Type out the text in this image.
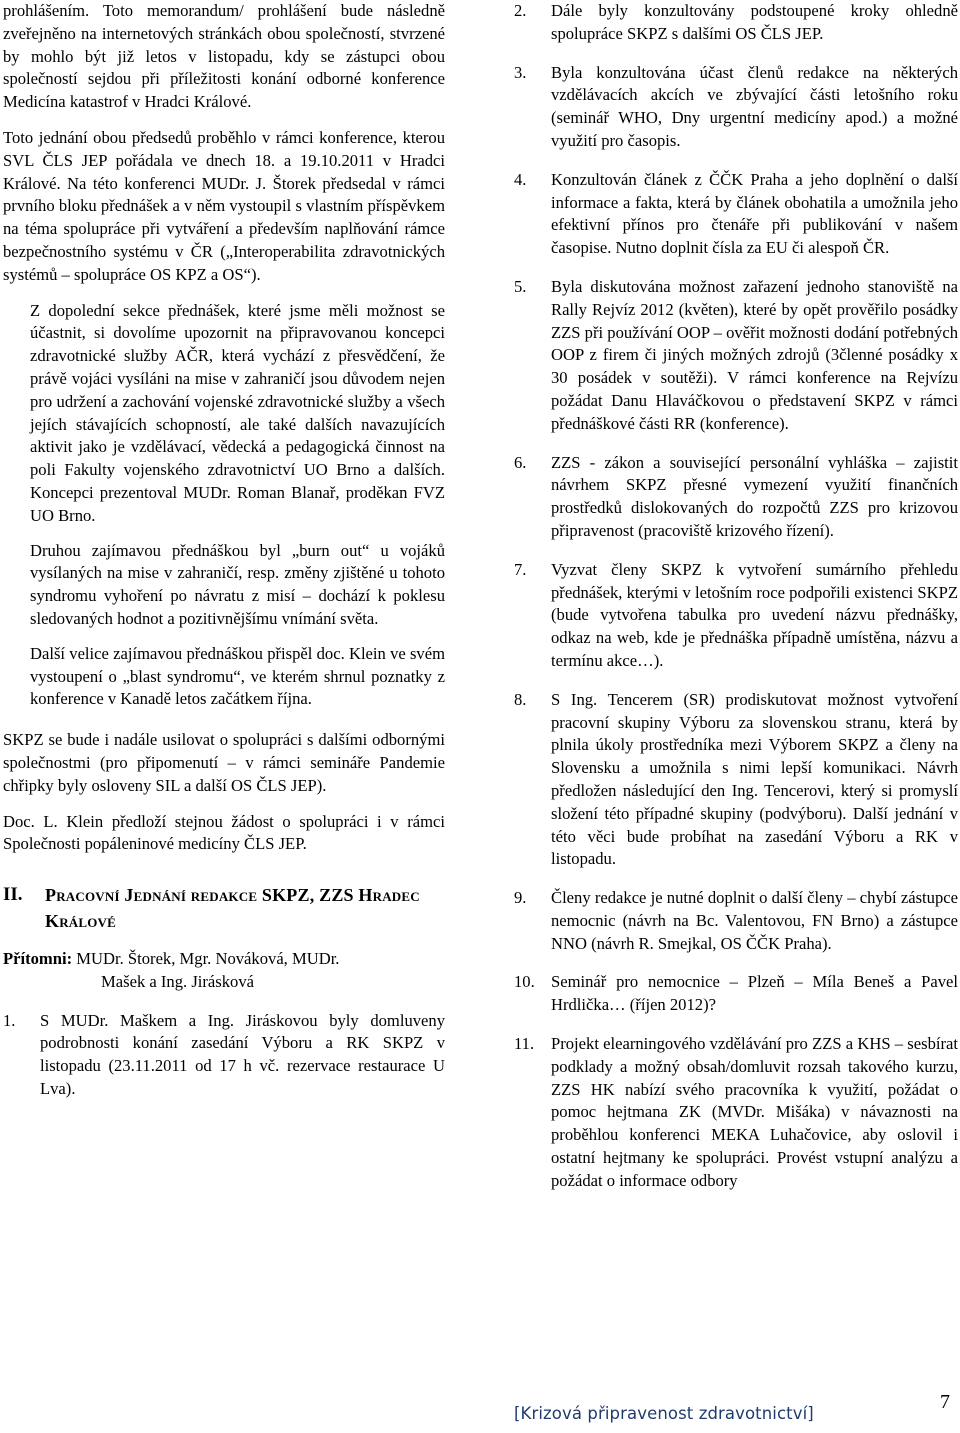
prohlášením. Toto memorandum/ prohlášení bude následně zveřejněno na internetových stránkách obou společností, stvrzené by mohlo být již letos v listopadu, kdy se zástupci obou společností sejdou při příležitosti konání odborné konference Medicína katastrof v Hradci Králové.

Toto jednání obou předsedů proběhlo v rámci konference, kterou SVL ČLS JEP pořádala ve dnech 18. a 19.10.2011 v Hradci Králové. Na této konferenci MUDr. J. Štorek předsedal v rámci prvního bloku přednášek a v něm vystoupil s vlastním příspěvkem na téma spolupráce při vytváření a především naplňování rámce bezpečnostního systému v ČR („Interoperabilita zdravotnických systémů – spolupráce OS KPZ a OS“).

Z dopolední sekce přednášek, které jsme měli možnost se účastnit, si dovolíme upozornit na připravovanou koncepci zdravotnické služby AČR, která vychází z přesvědčení, že právě vojáci vysíláni na mise v zahraničí jsou důvodem nejen pro udržení a zachování vojenské zdravotnické služby a všech jejích stávajících schopností, ale také dalších navazujících aktivit jako je vzdělávací, vědecká a pedagogická činnost na poli Fakulty vojenského zdravotnictví UO Brno a dalších. Koncepci prezentoval MUDr. Roman Blanař, proděkan FVZ UO Brno.

Druhou zajímavou přednáškou byl „burn out“ u vojáků vysílaných na mise v zahraničí, resp. změny zjištěné u tohoto syndromu vyhoření po návratu z misí – dochází k poklesu sledovaných hodnot a pozitivnějšímu vnímání světa.

Další velice zajímavou přednáškou přispěl doc. Klein ve svém vystoupení o „blast syndromu“, ve kterém shrnul poznatky z konference v Kanadě letos začátkem října.

SKPZ se bude i nadále usilovat o spolupráci s dalšími odbornými společnostmi (pro připomenutí – v rámci semináře Pandemie chřipky byly osloveny SIL a další OS ČLS JEP).

Doc. L. Klein předloží stejnou žádost o spolupráci i v rámci Společnosti popáleninové medicíny ČLS JEP.

II.	Pracovní Jednání redakce SKPZ, ZZS Hradec Králové
Přítomni: MUDr. Štorek, Mgr. Nováková, MUDr.
Mašek a Ing. Jirásková
1.	S MUDr. Maškem a Ing. Jiráskovou byly domluveny podrobnosti konání zasedání Výboru a RK SKPZ v listopadu (23.11.2011 od 17 h vč. rezervace restaurace U Lva).
2.	Dále byly konzultovány podstoupené kroky ohledně spolupráce SKPZ s dalšími OS ČLS JEP.
3.	Byla konzultována účast členů redakce na některých vzdělávacích akcích ve zbývající části letošního roku (seminář WHO, Dny urgentní medicíny apod.) a možné využití pro časopis.
4.	Konzultován článek z ČČK Praha a jeho doplnění o další informace a fakta, která by článek obohatila a umožnila jeho efektivní přínos pro čtenáře při publikování v našem časopise. Nutno doplnit čísla za EU či alespoň ČR.
5.	Byla diskutována možnost zařazení jednoho stanoviště na Rally Rejvíz 2012 (květen), které by opět prověřilo posádky ZZS při používání OOP – ověřit možnosti dodání potřebných OOP z firem či jiných možných zdrojů (3členné posádky x 30 posádek v soutěži). V rámci konference na Rejvízu požádat Danu Hlaváčkovou o představení SKPZ v rámci přednáškové části RR (konference).
6.	ZZS - zákon a související personální vyhláška – zajistit návrhem SKPZ přesné vymezení využití finančních prostředků dislokovaných do rozpočtů ZZS pro krizovou připravenost (pracoviště krizového řízení).
7.	Vyzvat členy SKPZ k vytvoření sumárního přehledu přednášek, kterými v letošním roce podpořili existenci SKPZ (bude vytvořena tabulka pro uvedení názvu přednášky, odkaz na web, kde je přednáška případně umístěna, názvu a termínu akce…).
8.	S Ing. Tencerem (SR) prodiskutovat možnost vytvoření pracovní skupiny Výboru za slovenskou stranu, která by plnila úkoly prostředníka mezi Výborem SKPZ a členy na Slovensku a umožnila s nimi lepší komunikaci. Návrh předložen následující den Ing. Tencerovi, který si promyslí složení této případné skupiny (podvýboru). Další jednání v této věci bude probíhat na zasedání Výboru a RK v listopadu.
9.	Členy redakce je nutné doplnit o další členy – chybí zástupce nemocnic (návrh na Bc. Valentovou, FN Brno) a zástupce NNO (návrh R. Smejkal, OS ČČK Praha).
10. Seminář pro nemocnice – Plzeň – Míla Beneš a Pavel Hrdlička… (říjen 2012)?
11.	Projekt elearningového vzdělávání pro ZZS a KHS – sesbírat podklady a možný obsah/domluvit rozsah takového kurzu, ZZS HK nabízí svého pracovníka k využití, požádat o pomoc hejtmana ZK (MVDr. Mišáka) v návaznosti na proběhlou konferenci MEKA Luhačovice, aby oslovil i ostatní hejtmany ke spolupráci. Provést vstupní analýzu a požádat o informace odbory
[Krizová připravenost zdravotnictví]
7
